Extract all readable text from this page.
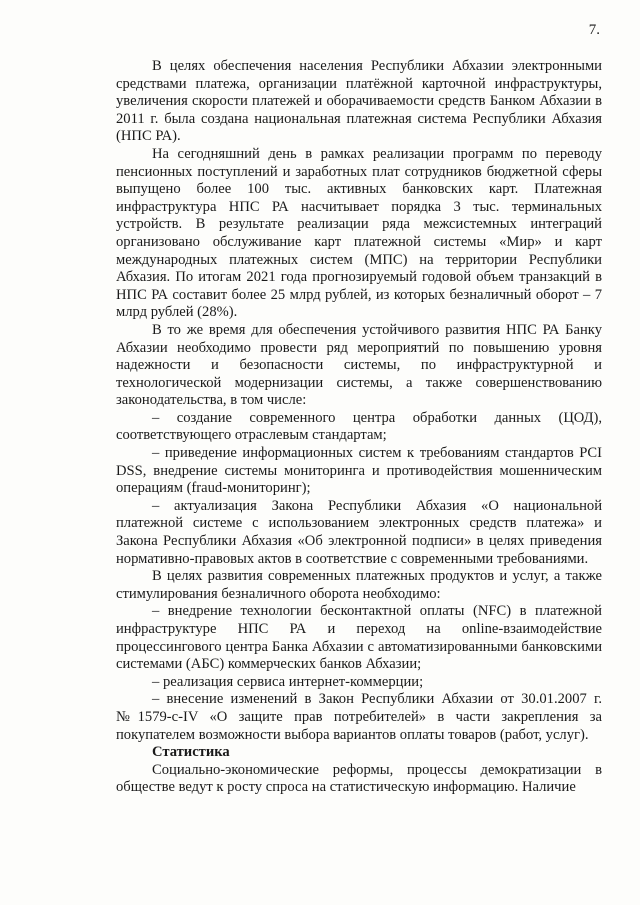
7.

В целях обеспечения населения Республики Абхазии электронными средствами платежа, организации платёжной карточной инфраструктуры, увеличения скорости платежей и оборачиваемости средств Банком Абхазии в 2011 г. была создана национальная платежная система Республики Абхазия (НПС РА).

На сегодняшний день в рамках реализации программ по переводу пенсионных поступлений и заработных плат сотрудников бюджетной сферы выпущено более 100 тыс. активных банковских карт. Платежная инфраструктура НПС РА насчитывает порядка 3 тыс. терминальных устройств. В результате реализации ряда межсистемных интеграций организовано обслуживание карт платежной системы «Мир» и карт международных платежных систем (МПС) на территории Республики Абхазия. По итогам 2021 года прогнозируемый годовой объем транзакций в НПС РА составит более 25 млрд рублей, из которых безналичный оборот – 7 млрд рублей (28%).

В то же время для обеспечения устойчивого развития НПС РА Банку Абхазии необходимо провести ряд мероприятий по повышению уровня надежности и безопасности системы, по инфраструктурной и технологической модернизации системы, а также совершенствованию законодательства, в том числе:

– создание современного центра обработки данных (ЦОД), соответствующего отраслевым стандартам;

– приведение информационных систем к требованиям стандартов PCI DSS, внедрение системы мониторинга и противодействия мошенническим операциям (fraud-мониторинг);

– актуализация Закона Республики Абхазия «О национальной платежной системе с использованием электронных средств платежа» и Закона Республики Абхазия «Об электронной подписи» в целях приведения нормативно-правовых актов в соответствие с современными требованиями.

В целях развития современных платежных продуктов и услуг, а также стимулирования безналичного оборота необходимо:

– внедрение технологии бесконтактной оплаты (NFC) в платежной инфраструктуре НПС РА и переход на online-взаимодействие процессингового центра Банка Абхазии с автоматизированными банковскими системами (АБС) коммерческих банков Абхазии;

– реализация сервиса интернет-коммерции;

– внесение изменений в Закон Республики Абхазии от 30.01.2007 г. №1579-с-IV «О защите прав потребителей» в части закрепления за покупателем возможности выбора вариантов оплаты товаров (работ, услуг).

Статистика

Социально-экономические реформы, процессы демократизации в обществе ведут к росту спроса на статистическую информацию. Наличие
